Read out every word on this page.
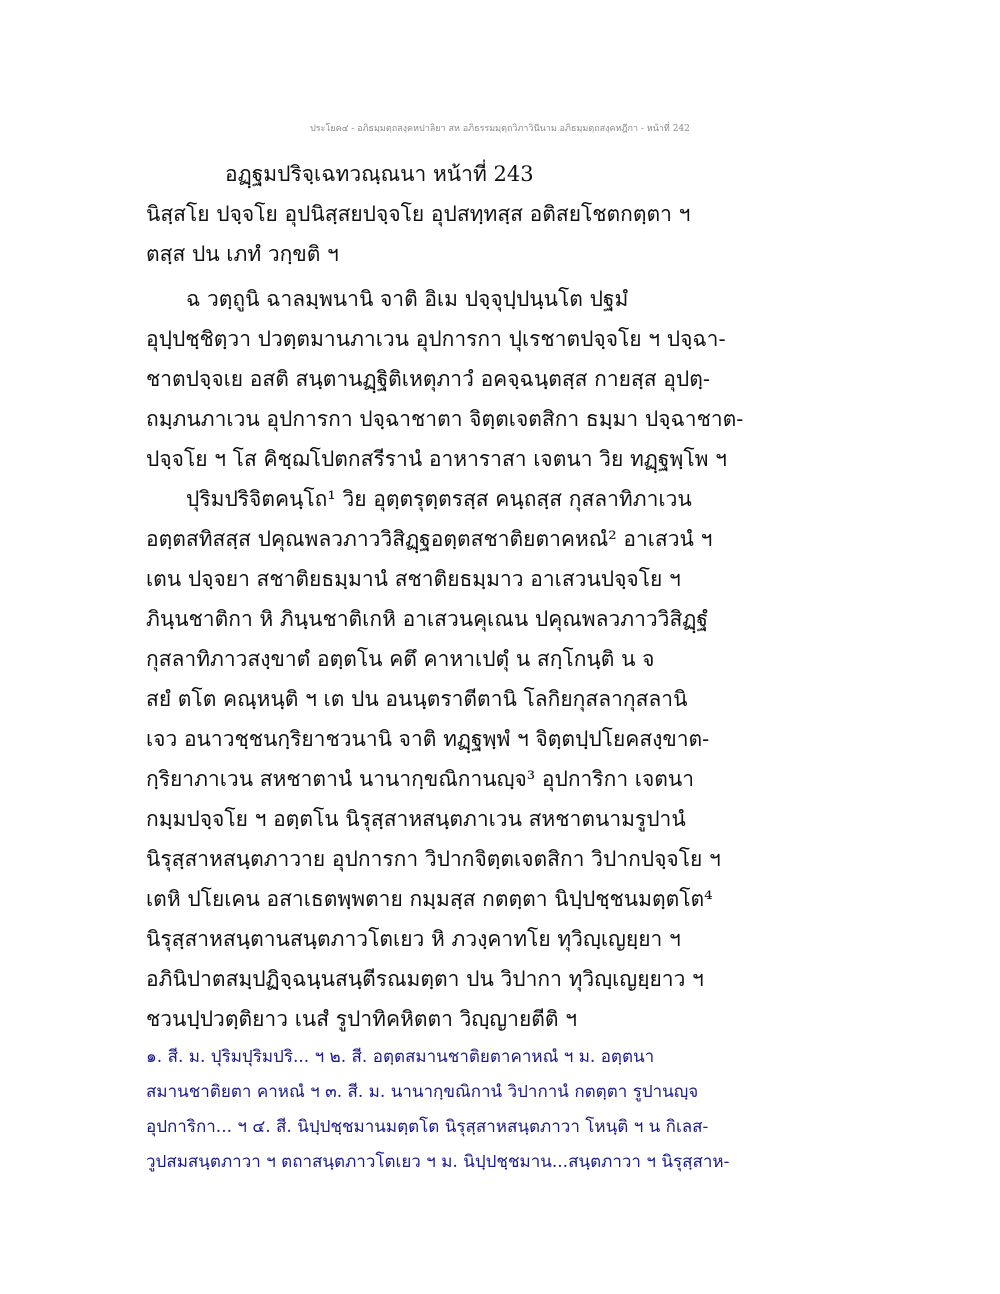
ประโยค๔ - อภิธมฺมตฺถสงฺคหปาลิยา สห อภิธรรมมฺตฺถวิภาวินีนาม อภิธมฺมตฺถสงฺคหฎีกา - หน้าที่ 242
อฏฺฐมปริจฺเฉทวณฺณนา หน้าที่ 243
นิสฺสโย ปจฺจโย อุปนิสฺสยปจฺจโย อุปสทฺทสฺส อติสยโชตกตฺตา ฯ
ตสฺส ปน เภทํ วกฺขติ ฯ
ฉ วตฺถูนิ ฉาลมฺพนานิ จาติ อิเม ปจฺจุปฺปนฺนโต ปฐมํ
อุปฺปชฺชิตฺวา ปวตฺตมานภาเวน อุปการกา ปุเรชาตปจฺจโย ฯ ปจฺฉา-
ชาตปจฺจเย อสติ สนฺตานฏฺฐิติเหตุภาวํ อคจฺฉนฺตสฺส กายสฺส อุปตฺ-
ถมฺภนภาเวน อุปการกา ปจฺฉาชาตา จิตฺตเจตสิกา ธมฺมา ปจฺฉาชาต-
ปจฺจโย ฯ โส คิชฺฌโปตกสรีรานํ อาหาราสา เจตนา วิย ทฏฺฐพฺโพ ฯ
ปุริมปริจิตคนฺโถ¹ วิย อุตฺตรุตฺตรสฺส คนฺถสฺส กุสลาทิภาเวน
อตฺตสทิสสฺส ปคุณพลวภาววิสิฏฺฐอตฺตสชาติยตาคหณํ² อาเสวนํ ฯ
เตน ปจฺจยา สชาติยธมฺมานํ สชาติยธมฺมาว อาเสวนปจฺจโย ฯ
ภินฺนชาติกา หิ ภินฺนชาติเกหิ อาเสวนคุเณน ปคุณพลวภาววิสิฏฺฐํ
กุสลาทิภาวสงฺขาตํ อตฺตโน คตึ คาหาเปตุํ น สกฺโกนฺติ น จ
สยํ ตโต คณฺหนฺติ ฯ เต ปน อนนฺตราตีตานิ โลกิยกุสลากุสลานิ
เจว อนาวชฺชนกฺริยาชวนานิ จาติ ทฏฺฐพฺพํ ฯ จิตฺตปฺปโยคสงฺขาต-
กฺริยาภาเวน สหชาตานํ นานากฺขณิกานญฺจ³ อุปการิกา เจตนา
กมฺมปจฺจโย ฯ อตฺตโน นิรุสฺสาหสนฺตภาเวน สหชาตนามรูปานํ
นิรุสฺสาหสนฺตภาวาย อุปการกา วิปากจิตฺตเจตสิกา วิปากปจฺจโย ฯ
เตหิ ปโยเคน อสาเธตพฺพตาย กมฺมสฺส กตตฺตา นิปฺปชฺชนมตฺตโต⁴
นิรุสฺสาหสนฺตานสนฺตภาวโตเยว หิ ภวงฺคาทโย ทุวิญฺเญยฺยา ฯ
อภินิปาตสมฺปฏิจฺฉนฺนสนฺตีรณมตฺตา ปน วิปากา ทุวิญฺเญยฺยาว ฯ
ชวนปฺปวตฺติยาว เนสํ รูปาทิคหิตตา วิญฺญายตีติ ฯ
๑. สี. ม. ปุริมปุริมปริ... ฯ ๒. สี. อตฺตสมานชาติยตาคาหณํ ฯ ม. อตฺตนา
สมานชาติยตา คาหณํ ฯ ๓. สี. ม. นานากฺขณิกานํ วิปากานํ กตตฺตา รูปานญฺจ
อุปการิกา... ฯ ๔. สี. นิปฺปชฺชมานมตฺตโต นิรุสฺสาหสนฺตภาวา โหนฺติ ฯ น กิเลส-
วูปสมสนฺตภาวา ฯ ตถาสนฺตภาวโตเยว ฯ ม. นิปฺปชฺชมาน...สนฺตภาวา ฯ นิรุสฺสาห-
